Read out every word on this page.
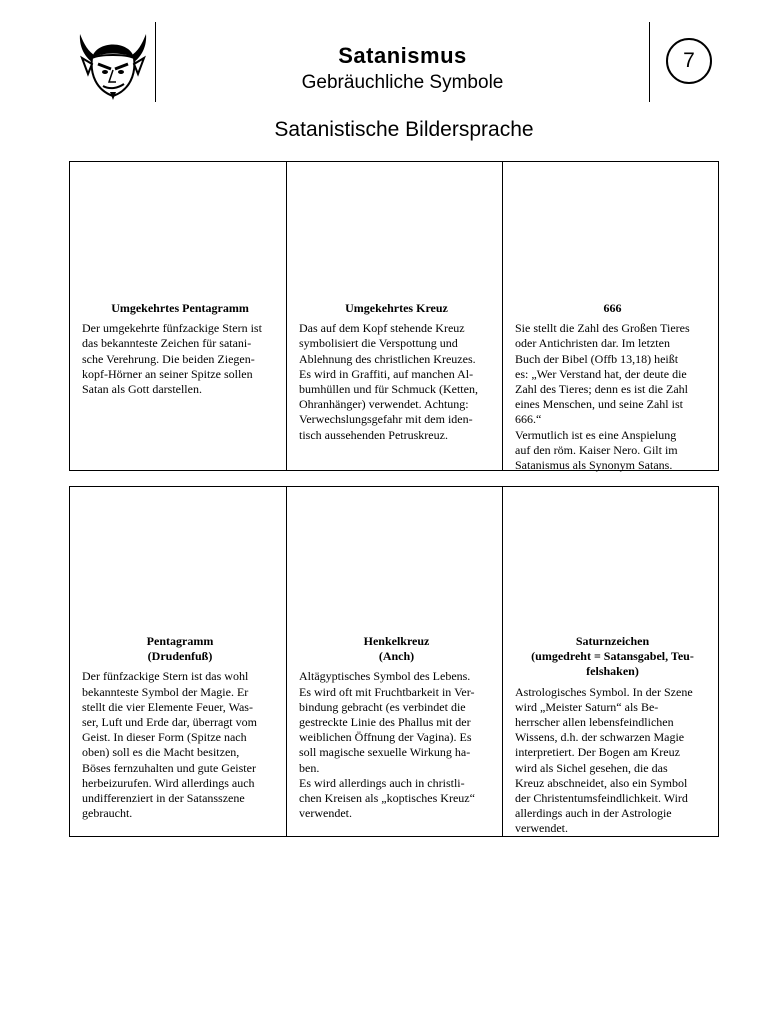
Satanismus
Gebräuchliche Symbole
7
Satanistische Bildersprache
Umgekehrtes Pentagramm
Der umgekehrte fünfzackige Stern ist
das bekannteste Zeichen für satani-
sche Verehrung. Die beiden Ziegen-
kopf-Hörner an seiner Spitze sollen
Satan als Gott darstellen.
Umgekehrtes Kreuz
Das auf dem Kopf stehende Kreuz
symbolisiert die Verspottung und
Ablehnung des christlichen Kreuzes.
Es wird in Graffiti, auf manchen Al-
bumhüllen und für Schmuck (Ketten,
Ohranhänger) verwendet. Achtung:
Verwechslungsgefahr mit dem iden-
tisch aussehenden Petruskreuz.
666
Sie stellt die Zahl des Großen Tieres
oder Antichristen dar. Im letzten
Buch der Bibel (Offb 13,18) heißt
es: „Wer Verstand hat, der deute die
Zahl des Tieres; denn es ist die Zahl
eines Menschen, und seine Zahl ist
666.“
Vermutlich ist es eine Anspielung
auf den röm. Kaiser Nero. Gilt im
Satanismus als Synonym Satans.
Pentagramm
(Drudenfuß)
Der fünfzackige Stern ist das wohl
bekannteste Symbol der Magie. Er
stellt die vier Elemente Feuer, Was-
ser, Luft und Erde dar, überragt vom
Geist. In dieser Form (Spitze nach
oben) soll es die Macht besitzen,
Böses fernzuhalten und gute Geister
herbeizurufen. Wird allerdings auch
undifferenziert in der Satansszene
gebraucht.
Henkelkreuz
(Anch)
Altägyptisches Symbol des Lebens.
Es wird oft mit Fruchtbarkeit in Ver-
bindung gebracht (es verbindet die
gestreckte Linie des Phallus mit der
weiblichen Öffnung der Vagina). Es
soll magische sexuelle Wirkung ha-
ben.
Es wird allerdings auch in christli-
chen Kreisen als „koptisches Kreuz“
verwendet.
Saturnzeichen
(umgedreht = Satansgabel, Teu-
felshaken)
Astrologisches Symbol. In der Szene
wird „Meister Saturn“ als Be-
herrscher allen lebensfeindlichen
Wissens, d.h. der schwarzen Magie
interpretiert. Der Bogen am Kreuz
wird als Sichel gesehen, die das
Kreuz abschneidet, also ein Symbol
der Christentumsfeindlichkeit. Wird
allerdings auch in der Astrologie
verwendet.
